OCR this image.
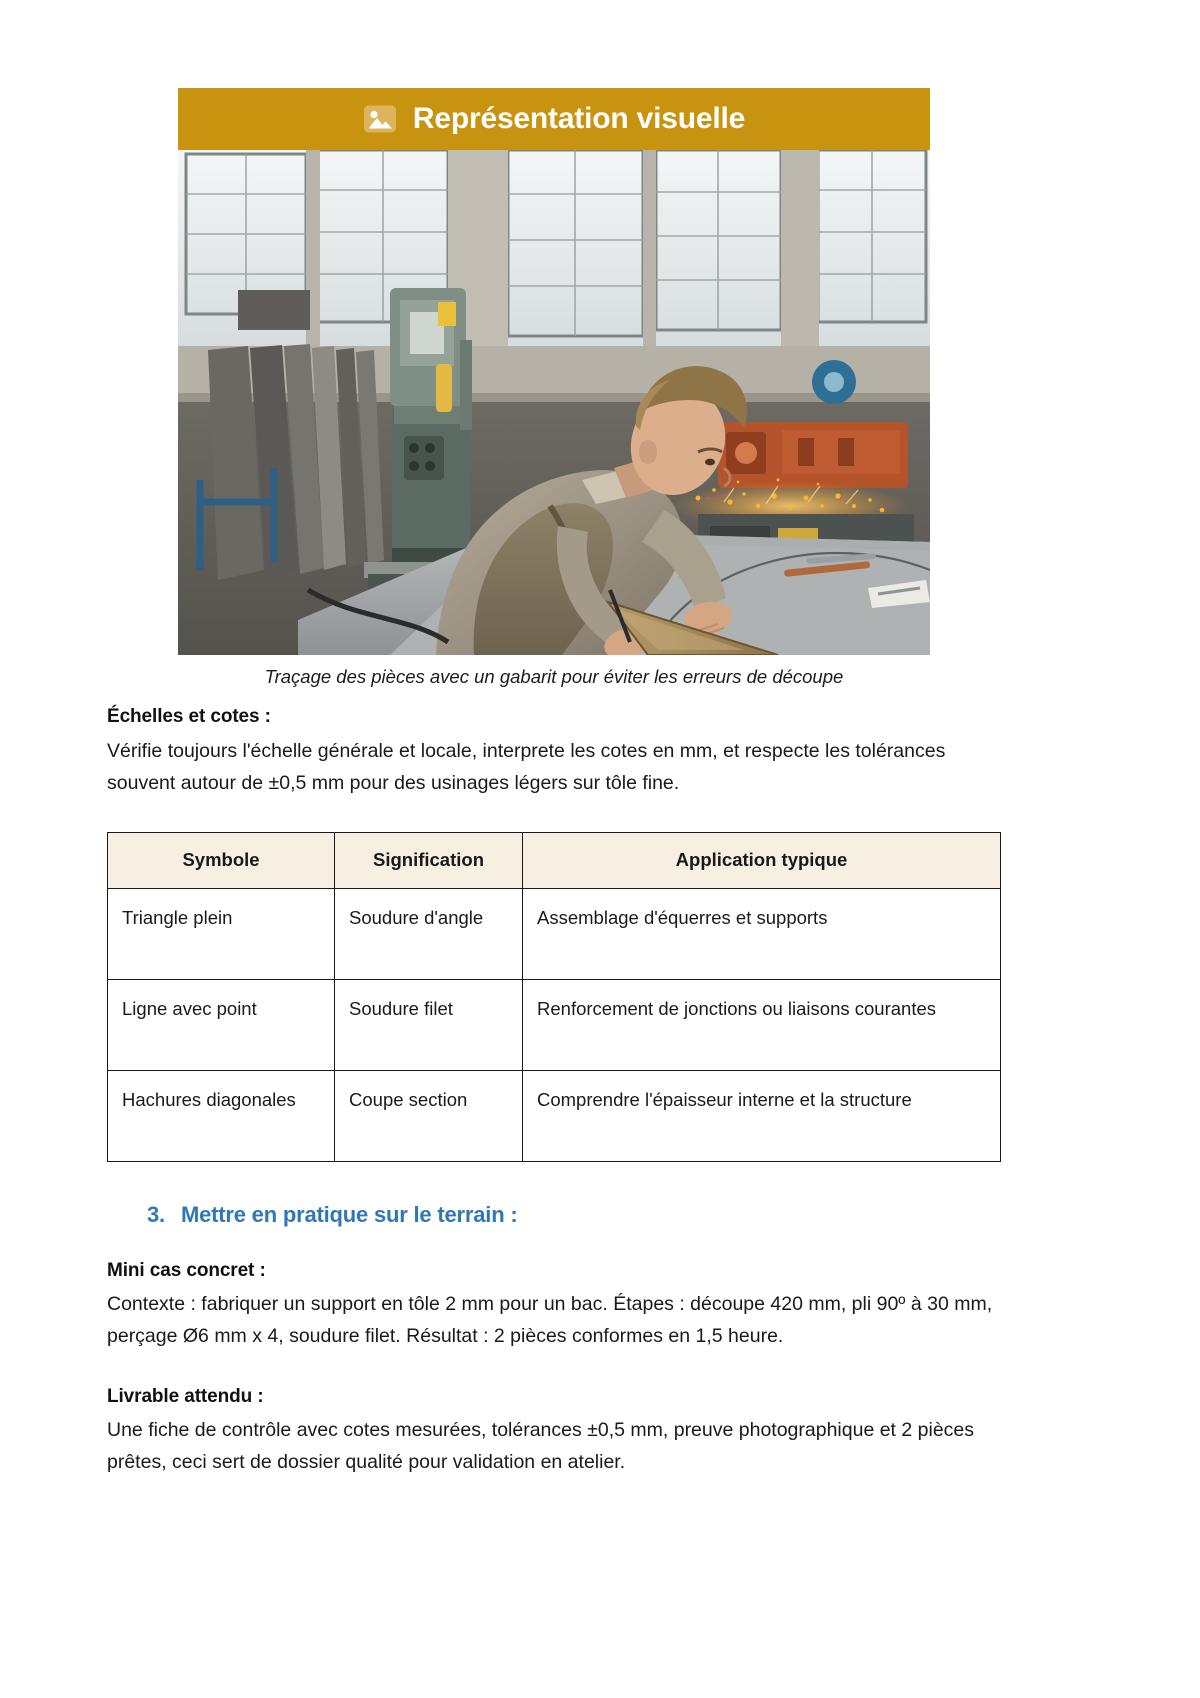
Représentation visuelle
Traçage des pièces avec un gabarit pour éviter les erreurs de découpe
Échelles et cotes :

Vérifie toujours l'échelle générale et locale, interprete les cotes en mm, et respecte les tolérances souvent autour de ±0,5 mm pour des usinages légers sur tôle fine.

Symbole	Signification	Application typique
Triangle plein	Soudure d'angle	Assemblage d'équerres et supports
Ligne avec point	Soudure filet	Renforcement de jonctions ou liaisons courantes
Hachures diagonales	Coupe section	Comprendre l'épaisseur interne et la structure
3. Mettre en pratique sur le terrain :
Mini cas concret :

Contexte : fabriquer un support en tôle 2 mm pour un bac. Étapes : découpe 420 mm, pli 90º à 30 mm, perçage Ø6 mm x 4, soudure filet. Résultat : 2 pièces conformes en 1,5 heure.

Livrable attendu :

Une fiche de contrôle avec cotes mesurées, tolérances ±0,5 mm, preuve photographique et 2 pièces prêtes, ceci sert de dossier qualité pour validation en atelier.
